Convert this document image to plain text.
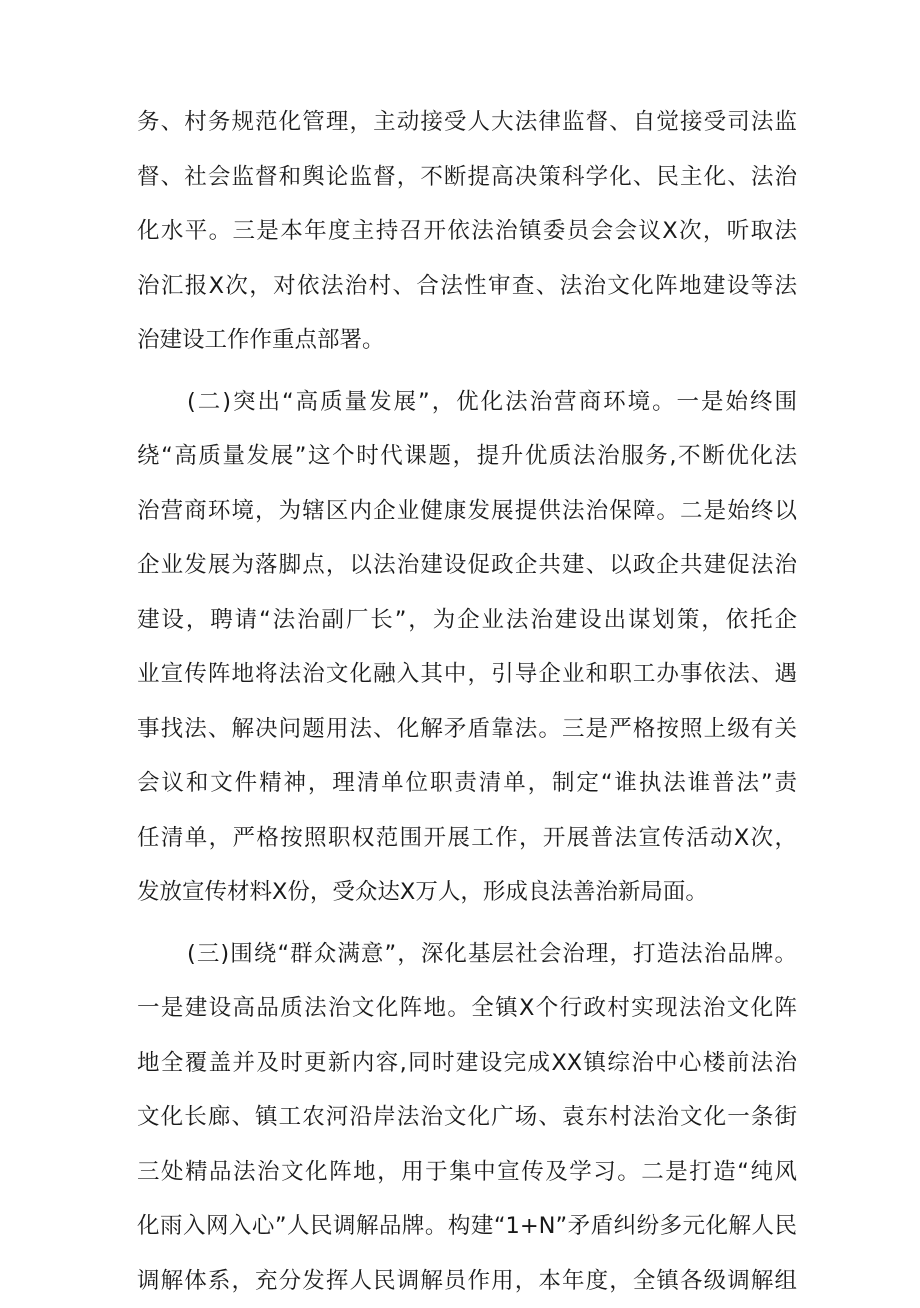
务、村务规范化管理，主动接受人大法律监督、自觉接受司法监
督、社会监督和舆论监督，不断提高决策科学化、民主化、法治
化水平。三是本年度主持召开依法治镇委员会会议X次，听取法
治汇报X次，对依法治村、合法性审查、法治文化阵地建设等法
治建设工作作重点部署。
(二)突出“高质量发展”，优化法治营商环境。一是始终围
绕“高质量发展”这个时代课题，提升优质法治服务,不断优化法
治营商环境，为辖区内企业健康发展提供法治保障。二是始终以
企业发展为落脚点，以法治建设促政企共建、以政企共建促法治
建设，聘请“法治副厂长”，为企业法治建设出谋划策，依托企
业宣传阵地将法治文化融入其中，引导企业和职工办事依法、遇
事找法、解决问题用法、化解矛盾靠法。三是严格按照上级有关
会议和文件精神，理清单位职责清单，制定“谁执法谁普法”责
任清单，严格按照职权范围开展工作，开展普法宣传活动X次，
发放宣传材料X份，受众达X万人，形成良法善治新局面。
(三)围绕“群众满意”，深化基层社会治理，打造法治品牌。
一是建设高品质法治文化阵地。全镇X个行政村实现法治文化阵
地全覆盖并及时更新内容,同时建设完成XX镇综治中心楼前法治
文化长廊、镇工农河沿岸法治文化广场、袁东村法治文化一条街
三处精品法治文化阵地，用于集中宣传及学习。二是打造“纯风
化雨入网入心”人民调解品牌。构建“1+N”矛盾纠纷多元化解人民
调解体系，充分发挥人民调解员作用，本年度，全镇各级调解组
